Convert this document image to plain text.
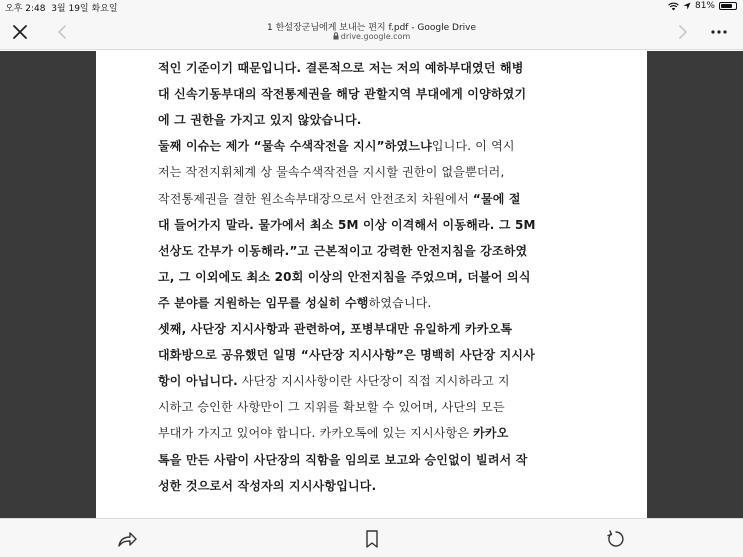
오후 2:48 3월 19일 화요일	81%
1 한설장군님에게 보내는 편지 f.pdf - Google Drive
drive.google.com
적인 기준이기 때문입니다. 결론적으로 저는 저의 예하부대였던 해병
대 신속기동부대의 작전통제권을 해당 관할지역 부대에게 이양하였기
에 그 권한을 가지고 있지 않았습니다.
둘째 이슈는 제가 “물속 수색작전을 지시”하였느냐입니다. 이 역시
저는 작전지휘체계 상 물속수색작전을 지시할 권한이 없을뿐더러,
작전통제권을 결한 원소속부대장으로서 안전조치 차원에서 “물에 절
대 들어가지 말라. 물가에서 최소 5M 이상 이격해서 이동해라. 그 5M
선상도 간부가 이동해라.”고 근본적이고 강력한 안전지침을 강조하였
고, 그 이외에도 최소 20회 이상의 안전지침을 주었으며, 더불어 의식
주 분야를 지원하는 임무를 성실히 수행하였습니다.
셋째, 사단장 지시사항과 관련하여, 포병부대만 유일하게 카카오톡
대화방으로 공유했던 일명 “사단장 지시사항”은 명백히 사단장 지시사
항이 아닙니다. 사단장 지시사항이란 사단장이 직접 지시하라고 지
시하고 승인한 사항만이 그 지위를 확보할 수 있어며, 사단의 모든
부대가 가지고 있어야 합니다. 카카오톡에 있는 지시사항은 카카오
톡을 만든 사람이 사단장의 직함을 임의로 보고와 승인없이 빌려서 작
성한 것으로서 작성자의 지시사항입니다.
